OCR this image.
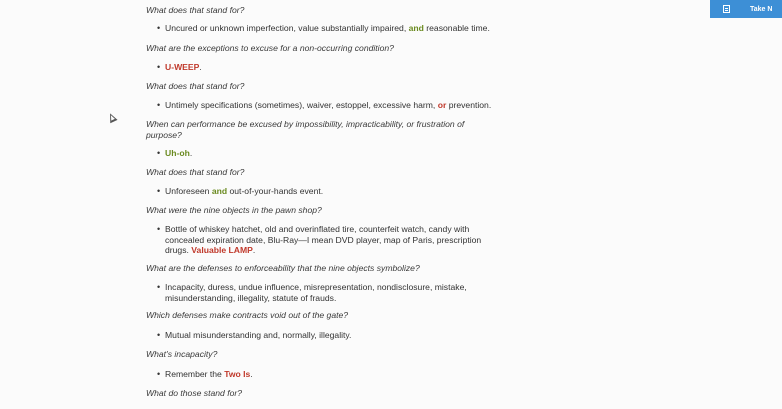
What does that stand for?
• Uncured or unknown imperfection, value substantially impaired, and reasonable time.
What are the exceptions to excuse for a non-occurring condition?
• U-WEEP.
What does that stand for?
• Untimely specifications (sometimes), waiver, estoppel, excessive harm, or prevention.
When can performance be excused by impossibility, impracticability, or frustration of purpose?
• Uh-oh.
What does that stand for?
• Unforeseen and out-of-your-hands event.
What were the nine objects in the pawn shop?
• Bottle of whiskey hatchet, old and overinflated tire, counterfeit watch, candy with concealed expiration date, Blu-Ray—I mean DVD player, map of Paris, prescription drugs. Valuable LAMP.
What are the defenses to enforceability that the nine objects symbolize?
• Incapacity, duress, undue influence, misrepresentation, nondisclosure, mistake, misunderstanding, illegality, statute of frauds.
Which defenses make contracts void out of the gate?
• Mutual misunderstanding and, normally, illegality.
What's incapacity?
• Remember the Two Is.
What do those stand for?
Take N
